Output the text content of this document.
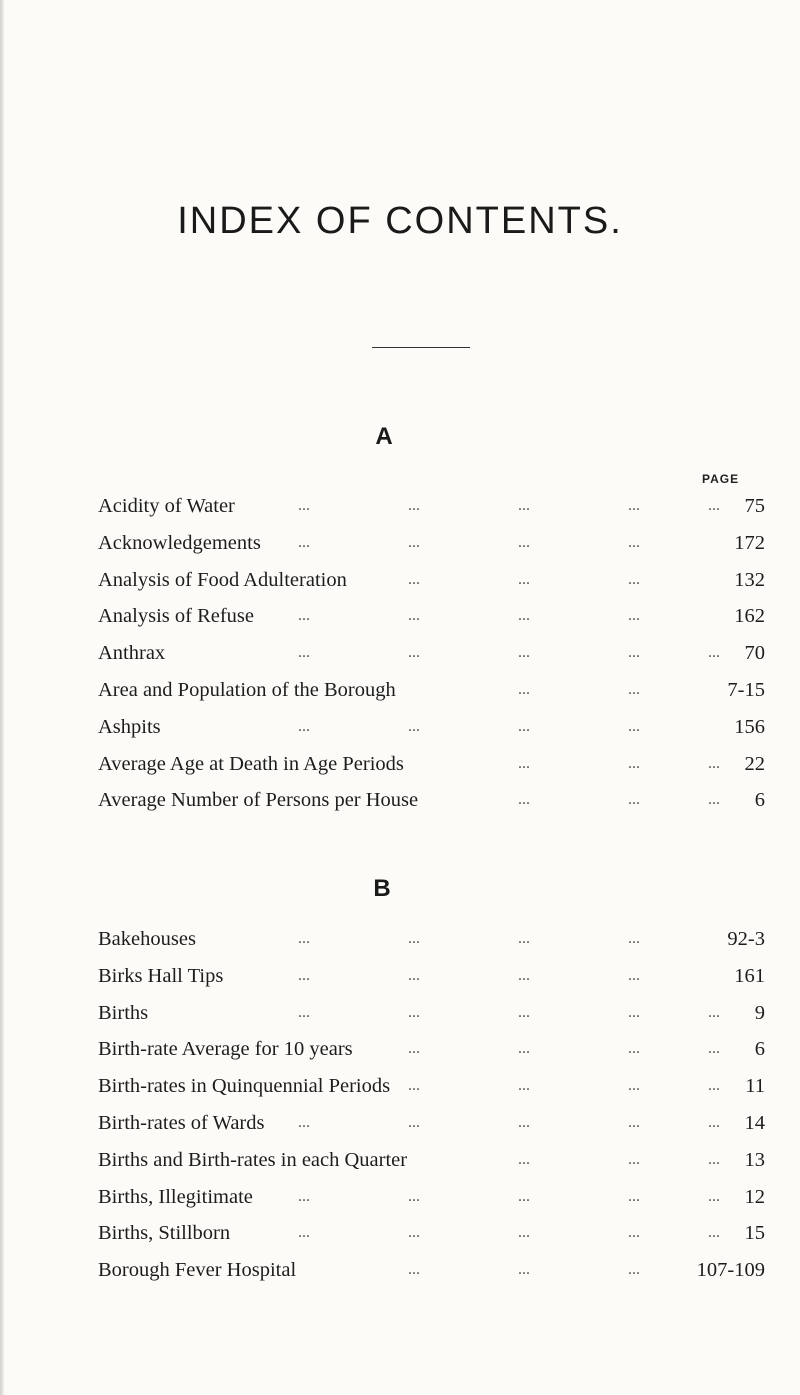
INDEX OF CONTENTS.
A
PAGE
Acidity of Water	75
...	...	...	...	...
Acknowledgements	172
...	...	...	...
Analysis of Food Adulteration	132
...	...	...
Analysis of Refuse	162
...	...	...	...
Anthrax	70
...	...	...	...	...
Area and Population of the Borough	7-15
...	...
Ashpits	156
...	...	...	...
Average Age at Death in Age Periods	22
...	...	...
Average Number of Persons per House	6
...	...	...
B
Bakehouses	92-3
...	...	...	...
Birks Hall Tips	161
...	...	...	...
Births	9
...	...	...	...	...
Birth-rate Average for 10 years	6
...	...	...	...
Birth-rates in Quinquennial Periods	11
...	...	...	...
Birth-rates of Wards	14
...	...	...	...	...
Births and Birth-rates in each Quarter	13
...	...	...
Births, Illegitimate	12
...	...	...	...	...
Births, Stillborn	15
...	...	...	...	...
Borough Fever Hospital	107-109
...	...	...
